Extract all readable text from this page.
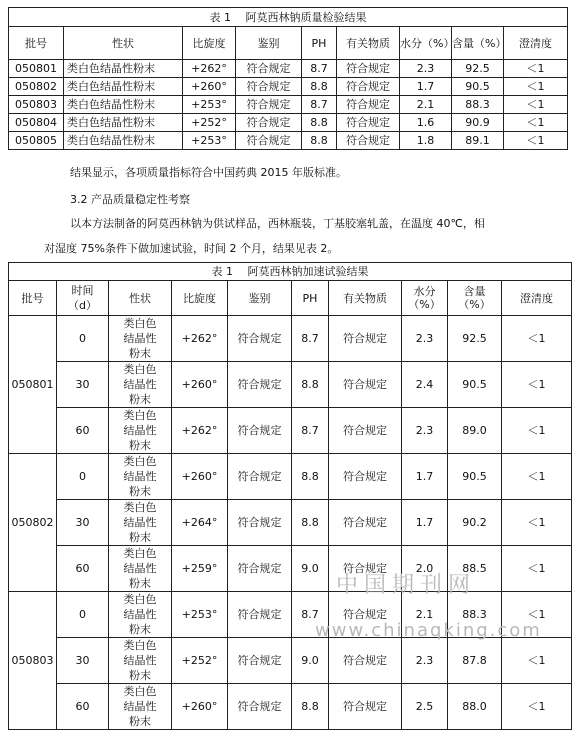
表 1　 阿莫西林钠质量检验结果								
批号	性状	比旋度	鉴别	PH	有关物质	水分（%）	含量（%）	澄清度
050801	类白色结晶性粉末	+262°	符合规定	8.7	符合规定	2.3	92.5	＜1
050802	类白色结晶性粉末	+260°	符合规定	8.8	符合规定	1.7	90.5	＜1
050803	类白色结晶性粉末	+253°	符合规定	8.7	符合规定	2.1	88.3	＜1
050804	类白色结晶性粉末	+252°	符合规定	8.8	符合规定	1.6	90.9	＜1
050805	类白色结晶性粉末	+253°	符合规定	8.8	符合规定	1.8	89.1	＜1
结果显示，各项质量指标符合中国药典 2015 年版标准。
3.2 产品质量稳定性考察
以本方法制备的阿莫西林钠为供试样品，西林瓶装，丁基胶塞轧盖，在温度 40℃，相
对湿度 75%条件下做加速试验，时间 2 个月，结果见表 2。
表 1　 阿莫西林钠加速试验结果									
批号	时间（d）	性状	比旋度	鉴别	PH	有关物质	水分（%）	含量（%）	澄清度
050801	0	类白色结晶性粉末	+262°	符合规定	8.7	符合规定	2.3	92.5	＜1
	30	类白色结晶性粉末	+260°	符合规定	8.8	符合规定	2.4	90.5	＜1
	60	类白色结晶性粉末	+262°	符合规定	8.7	符合规定	2.3	89.0	＜1
050802	0	类白色结晶性粉末	+260°	符合规定	8.8	符合规定	1.7	90.5	＜1
	30	类白色结晶性粉末	+264°	符合规定	8.8	符合规定	1.7	90.2	＜1
	60	类白色结晶性粉末	+259°	符合规定	9.0	符合规定	2.0	88.5	＜1
050803	0	类白色结晶性粉末	+253°	符合规定	8.7	符合规定	2.1	88.3	＜1
	30	类白色结晶性粉末	+252°	符合规定	9.0	符合规定	2.3	87.8	＜1
	60	类白色结晶性粉末	+260°	符合规定	8.8	符合规定	2.5	88.0	＜1
中国期刊网
www.chinaqking.com
